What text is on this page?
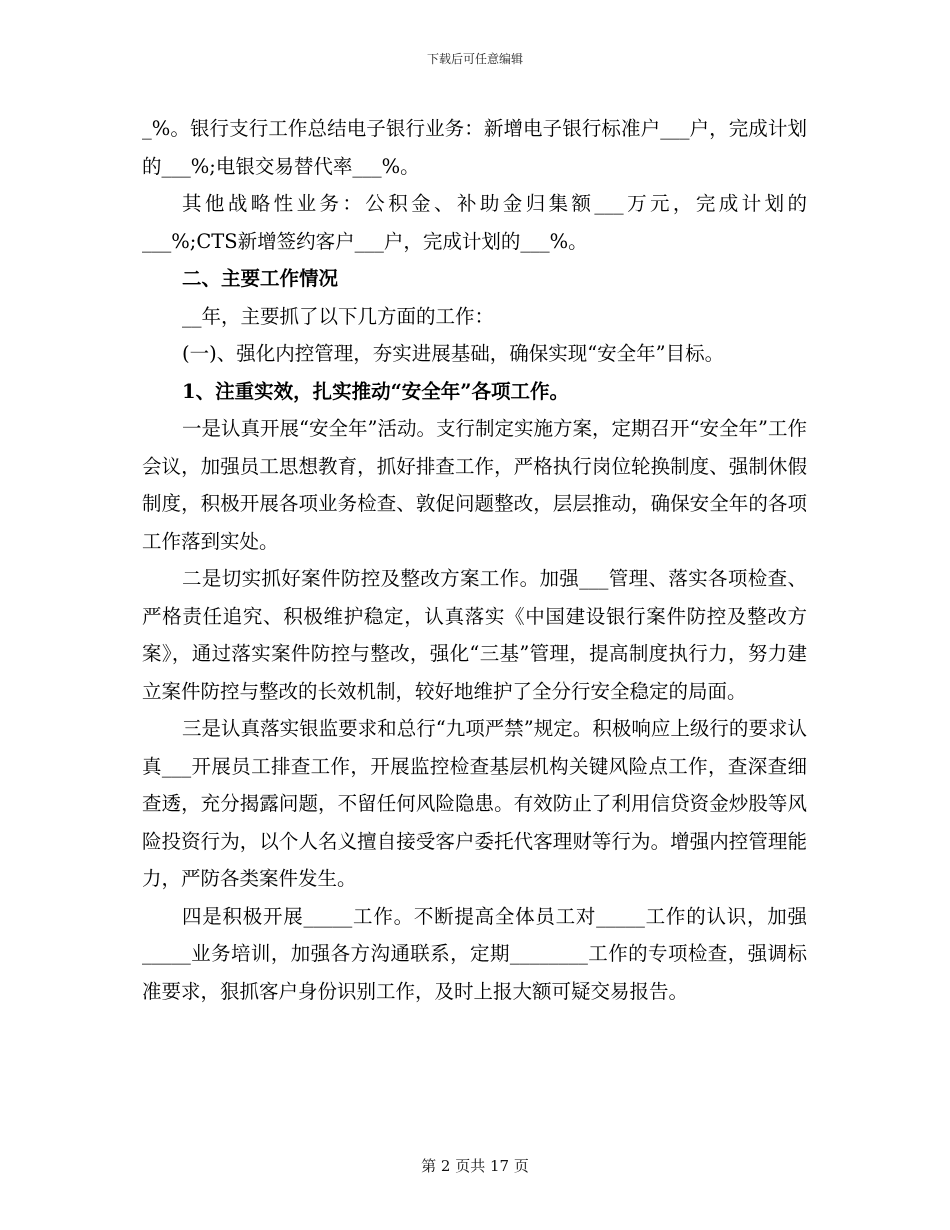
下载后可任意编辑

_%。银行支行工作总结电子银行业务：新增电子银行标准户___户，完成计划的___%;电银交易替代率___%。

其他战略性业务：公积金、补助金归集额___万元，完成计划的___%;CTS新增签约客户___户，完成计划的___%。

二、主要工作情况

__年，主要抓了以下几方面的工作：

(一)、强化内控管理，夯实进展基础，确保实现“安全年”目标。

1、注重实效，扎实推动“安全年”各项工作。

一是认真开展“安全年”活动。支行制定实施方案，定期召开“安全年”工作会议，加强员工思想教育，抓好排查工作，严格执行岗位轮换制度、强制休假制度，积极开展各项业务检查、敦促问题整改，层层推动，确保安全年的各项工作落到实处。

二是切实抓好案件防控及整改方案工作。加强___管理、落实各项检查、严格责任追究、积极维护稳定，认真落实《中国建设银行案件防控及整改方案》，通过落实案件防控与整改，强化“三基”管理，提高制度执行力，努力建立案件防控与整改的长效机制，较好地维护了全分行安全稳定的局面。

三是认真落实银监要求和总行“九项严禁”规定。积极响应上级行的要求认真___开展员工排查工作，开展监控检查基层机构关键风险点工作，查深查细查透，充分揭露问题，不留任何风险隐患。有效防止了利用信贷资金炒股等风险投资行为，以个人名义擅自接受客户委托代客理财等行为。增强内控管理能力，严防各类案件发生。

四是积极开展_____工作。不断提高全体员工对_____工作的认识，加强_____业务培训，加强各方沟通联系，定期________工作的专项检查，强调标准要求，狠抓客户身份识别工作，及时上报大额可疑交易报告。

第 2 页共 17 页
